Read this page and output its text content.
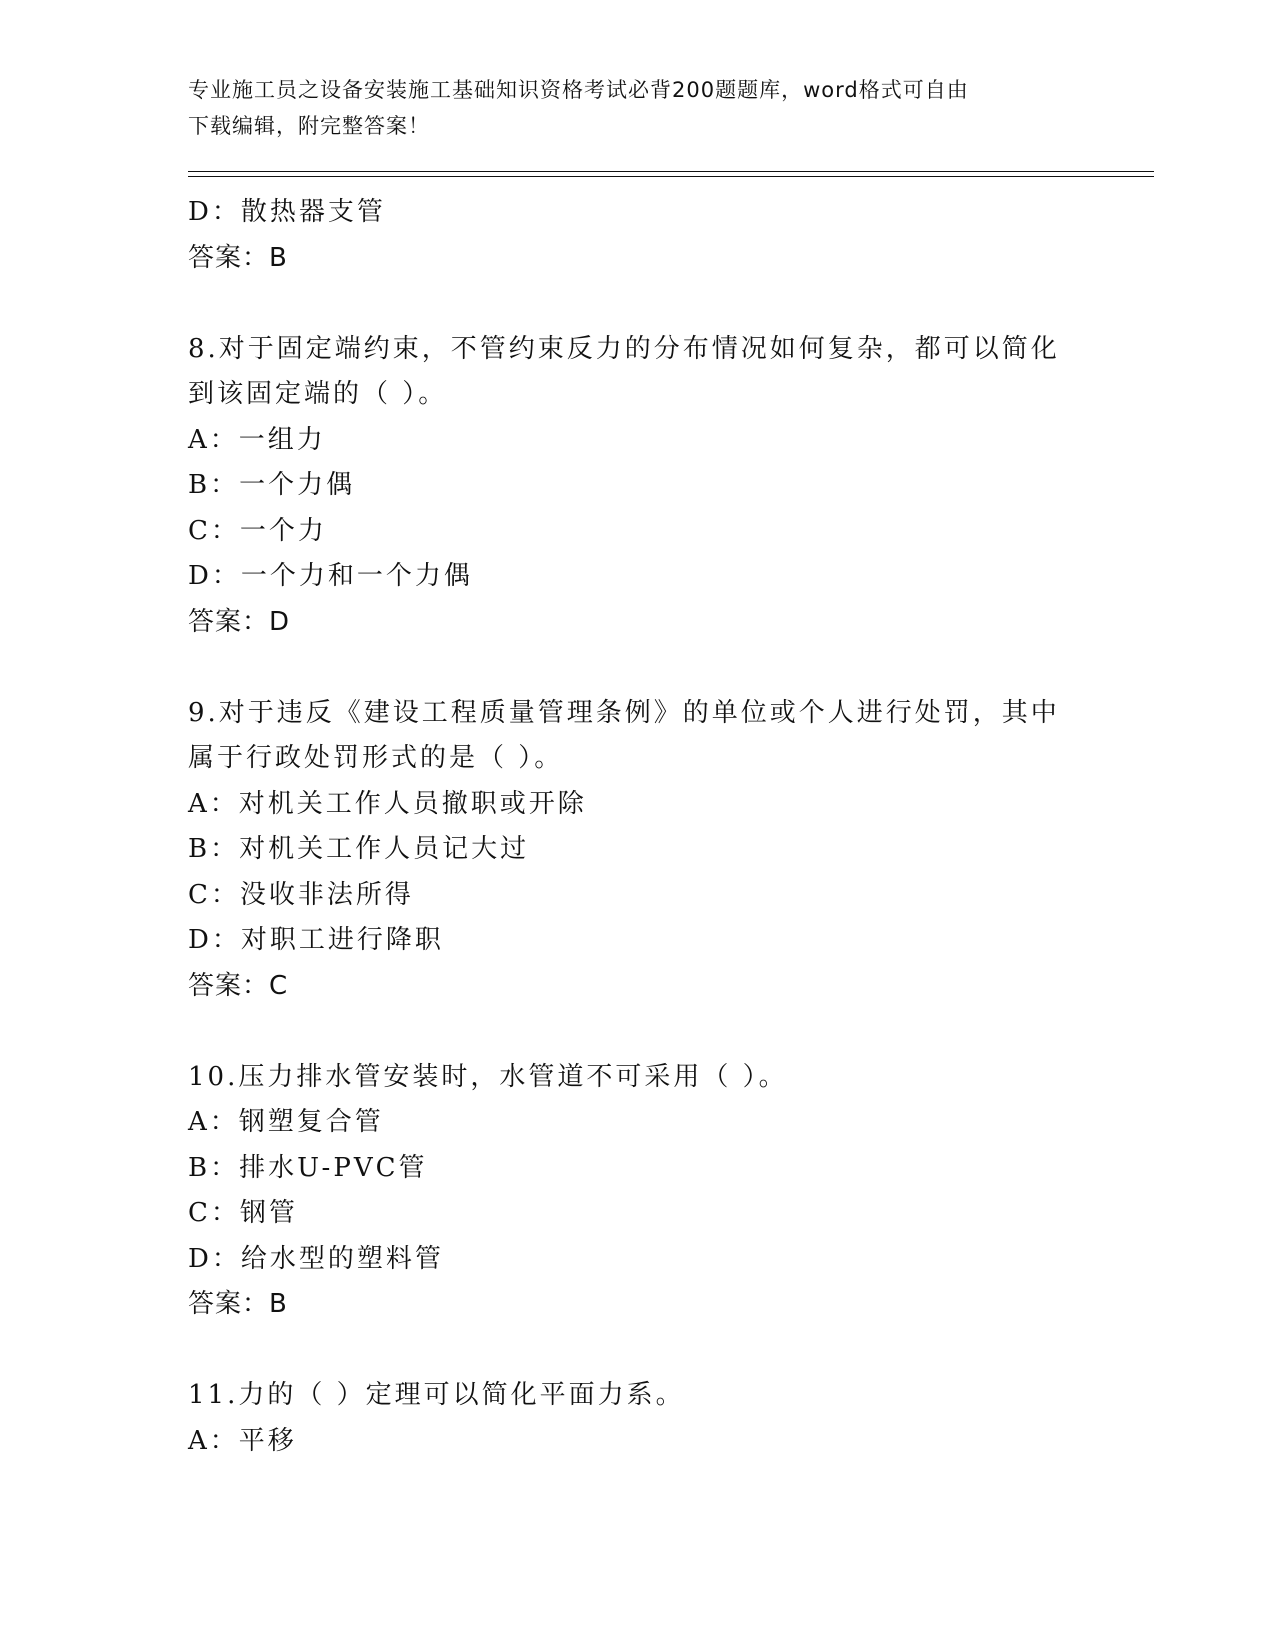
专业施工员之设备安装施工基础知识资格考试必背200题题库，word格式可自由
下载编辑，附完整答案！
D：散热器支管
答案：B
8.对于固定端约束，不管约束反力的分布情况如何复杂，都可以简化
到该固定端的（ ）。
A：一组力
B：一个力偶
C：一个力
D：一个力和一个力偶
答案：D
9.对于违反《建设工程质量管理条例》的单位或个人进行处罚，其中
属于行政处罚形式的是（ ）。
A：对机关工作人员撤职或开除
B：对机关工作人员记大过
C：没收非法所得
D：对职工进行降职
答案：C
10.压力排水管安装时，水管道不可采用（ ）。
A：钢塑复合管
B：排水U-PVC管
C：钢管
D：给水型的塑料管
答案：B
11.力的（ ）定理可以简化平面力系。
A：平移
